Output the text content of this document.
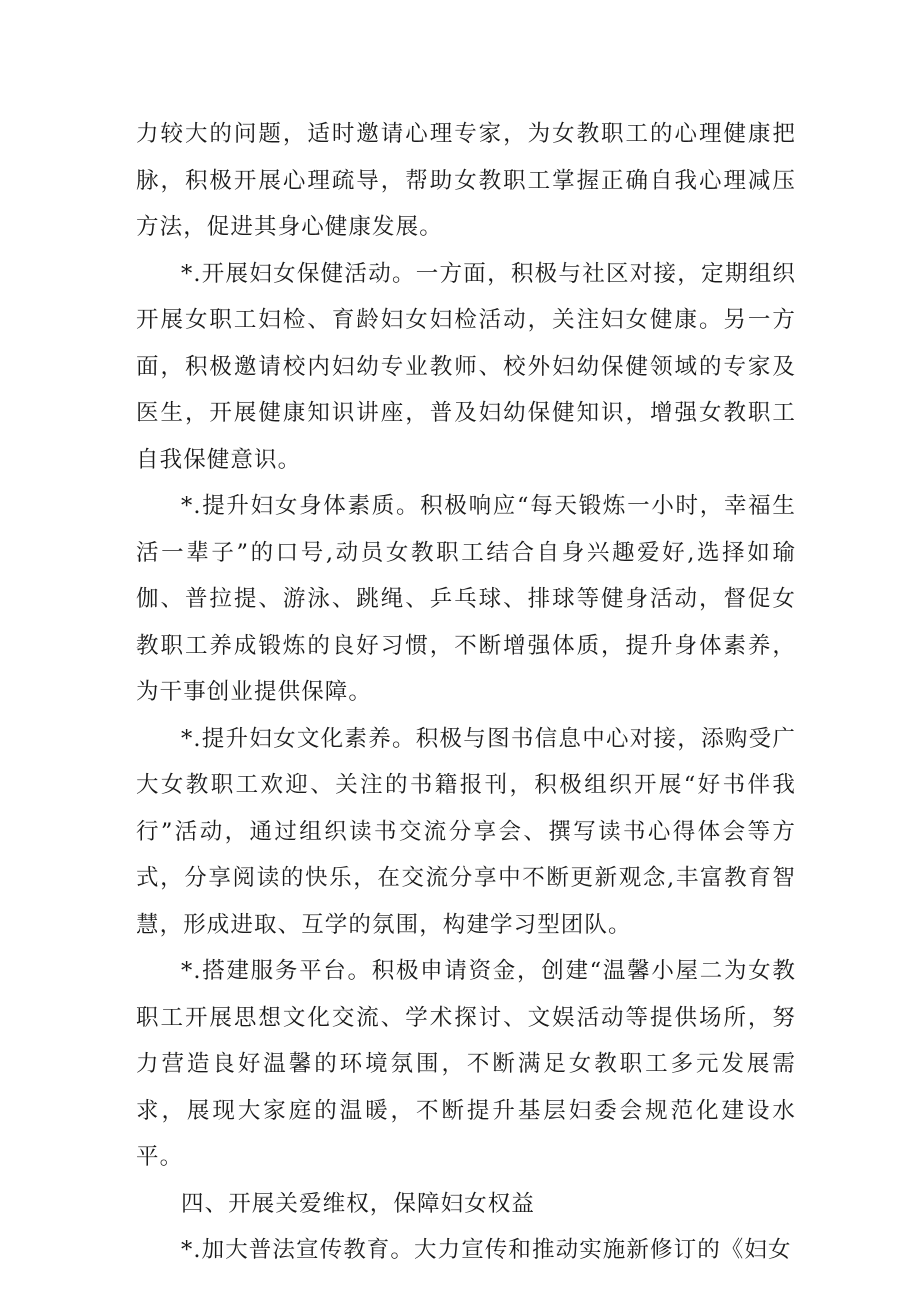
力较大的问题，适时邀请心理专家，为女教职工的心理健康把脉，积极开展心理疏导，帮助女教职工掌握正确自我心理减压方法，促进其身心健康发展。

*.开展妇女保健活动。一方面，积极与社区对接，定期组织开展女职工妇检、育龄妇女妇检活动，关注妇女健康。另一方面，积极邀请校内妇幼专业教师、校外妇幼保健领域的专家及医生，开展健康知识讲座，普及妇幼保健知识，增强女教职工自我保健意识。

*.提升妇女身体素质。积极响应“每天锻炼一小时，幸福生活一辈子”的口号,动员女教职工结合自身兴趣爱好,选择如瑜伽、普拉提、游泳、跳绳、乒乓球、排球等健身活动，督促女教职工养成锻炼的良好习惯，不断增强体质，提升身体素养，为干事创业提供保障。

*.提升妇女文化素养。积极与图书信息中心对接，添购受广大女教职工欢迎、关注的书籍报刊，积极组织开展“好书伴我行”活动，通过组织读书交流分享会、撰写读书心得体会等方式，分享阅读的快乐，在交流分享中不断更新观念,丰富教育智慧，形成进取、互学的氛围，构建学习型团队。

*.搭建服务平台。积极申请资金，创建“温馨小屋二为女教职工开展思想文化交流、学术探讨、文娱活动等提供场所，努力营造良好温馨的环境氛围，不断满足女教职工多元发展需求，展现大家庭的温暖，不断提升基层妇委会规范化建设水平。

四、开展关爱维权，保障妇女权益

*.加大普法宣传教育。大力宣传和推动实施新修订的《妇女
